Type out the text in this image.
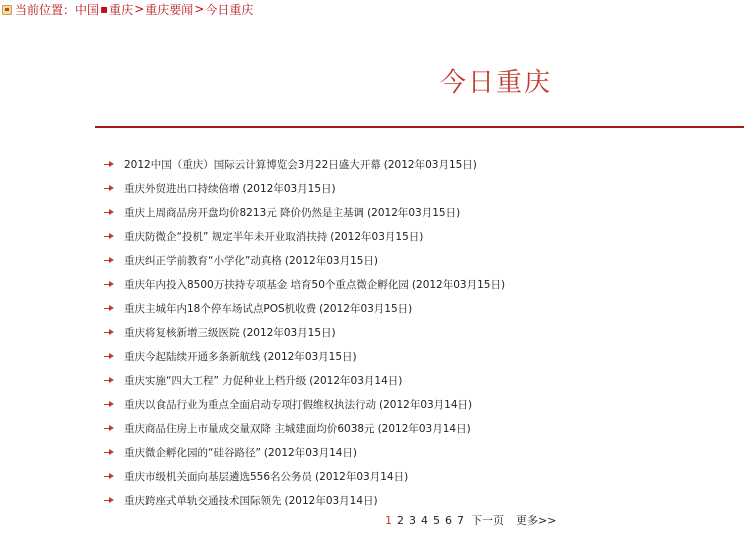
当前位置： 中国 ▪ 重庆 > 重庆要闻 > 今日重庆
今日重庆
2012中国（重庆）国际云计算博览会3月22日盛大开幕 (2012年03月15日)
重庆外贸进出口持续倍增 (2012年03月15日)
重庆上周商品房开盘均价8213元 降价仍然是主基调 (2012年03月15日)
重庆防微企“投机” 规定半年未开业取消扶持 (2012年03月15日)
重庆纠正学前教育“小学化”动真格 (2012年03月15日)
重庆年内投入8500万扶持专项基金 培育50个重点微企孵化园 (2012年03月15日)
重庆主城年内18个停车场试点POS机收费 (2012年03月15日)
重庆将复核新增三级医院 (2012年03月15日)
重庆今起陆续开通多条新航线 (2012年03月15日)
重庆实施“四大工程” 力促种业上档升级 (2012年03月14日)
重庆以食品行业为重点全面启动专项打假维权执法行动 (2012年03月14日)
重庆商品住房上市量成交量双降 主城建面均价6038元 (2012年03月14日)
重庆微企孵化园的“硅谷路径” (2012年03月14日)
重庆市级机关面向基层遴选556名公务员 (2012年03月14日)
重庆跨座式单轨交通技术国际领先 (2012年03月14日)
1 2 3 4 5 6 7 下一页 更多>>
